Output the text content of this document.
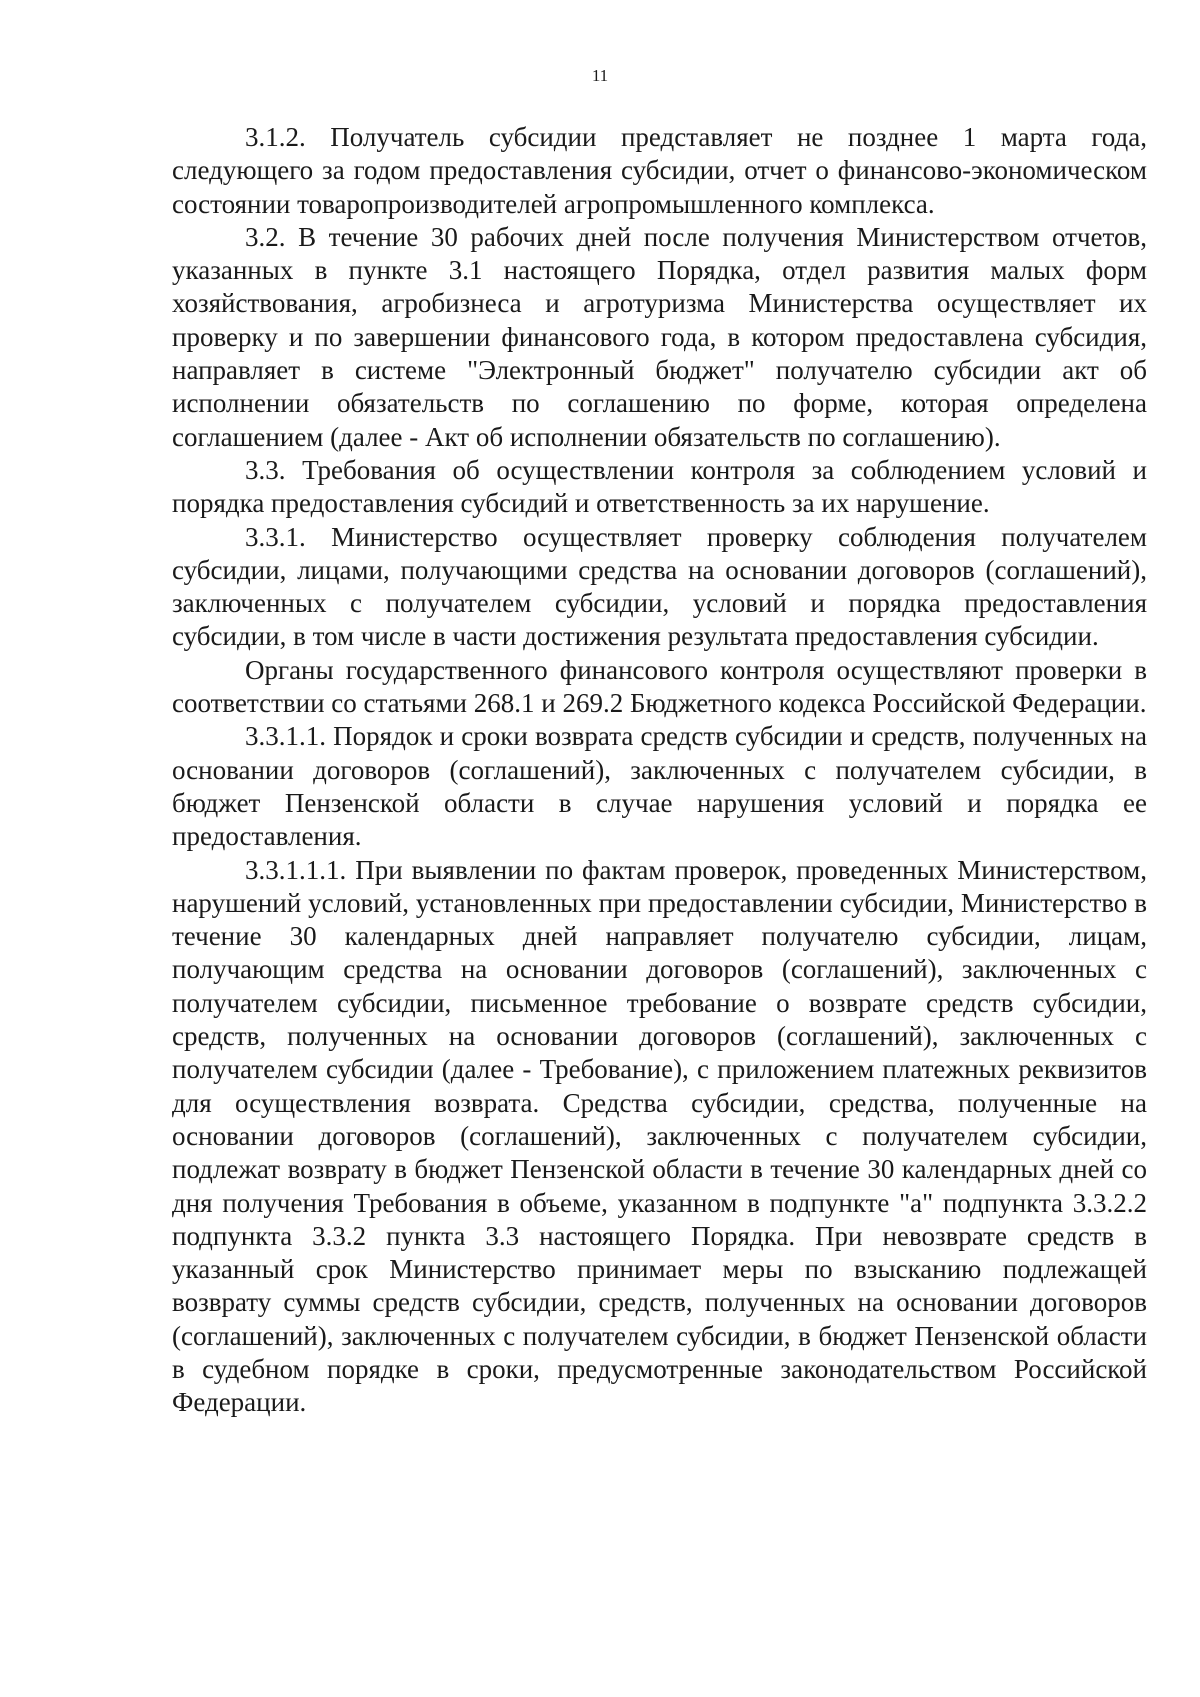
11

3.1.2. Получатель субсидии представляет не позднее 1 марта года, следующего за годом предоставления субсидии, отчет о финансово-экономическом состоянии товаропроизводителей агропромышленного комплекса.

3.2. В течение 30 рабочих дней после получения Министерством отчетов, указанных в пункте 3.1 настоящего Порядка, отдел развития малых форм хозяйствования, агробизнеса и агротуризма Министерства осуществляет их проверку и по завершении финансового года, в котором предоставлена субсидия, направляет в системе "Электронный бюджет" получателю субсидии акт об исполнении обязательств по соглашению по форме, которая определена соглашением (далее - Акт об исполнении обязательств по соглашению).

3.3. Требования об осуществлении контроля за соблюдением условий и порядка предоставления субсидий и ответственность за их нарушение.

3.3.1. Министерство осуществляет проверку соблюдения получателем субсидии, лицами, получающими средства на основании договоров (соглашений), заключенных с получателем субсидии, условий и порядка предоставления субсидии, в том числе в части достижения результата предоставления субсидии.

Органы государственного финансового контроля осуществляют проверки в соответствии со статьями 268.1 и 269.2 Бюджетного кодекса Российской Федерации.

3.3.1.1. Порядок и сроки возврата средств субсидии и средств, полученных на основании договоров (соглашений), заключенных с получателем субсидии, в бюджет Пензенской области в случае нарушения условий и порядка ее предоставления.

3.3.1.1.1. При выявлении по фактам проверок, проведенных Министерством, нарушений условий, установленных при предоставлении субсидии, Министерство в течение 30 календарных дней направляет получателю субсидии, лицам, получающим средства на основании договоров (соглашений), заключенных с получателем субсидии, письменное требование о возврате средств субсидии, средств, полученных на основании договоров (соглашений), заключенных с получателем субсидии (далее - Требование), с приложением платежных реквизитов для осуществления возврата. Средства субсидии, средства, полученные на основании договоров (соглашений), заключенных с получателем субсидии, подлежат возврату в бюджет Пензенской области в течение 30 календарных дней со дня получения Требования в объеме, указанном в подпункте "а" подпункта 3.3.2.2 подпункта 3.3.2 пункта 3.3 настоящего Порядка. При невозврате средств в указанный срок Министерство принимает меры по взысканию подлежащей возврату суммы средств субсидии, средств, полученных на основании договоров (соглашений), заключенных с получателем субсидии, в бюджет Пензенской области в судебном порядке в сроки, предусмотренные законодательством Российской Федерации.
